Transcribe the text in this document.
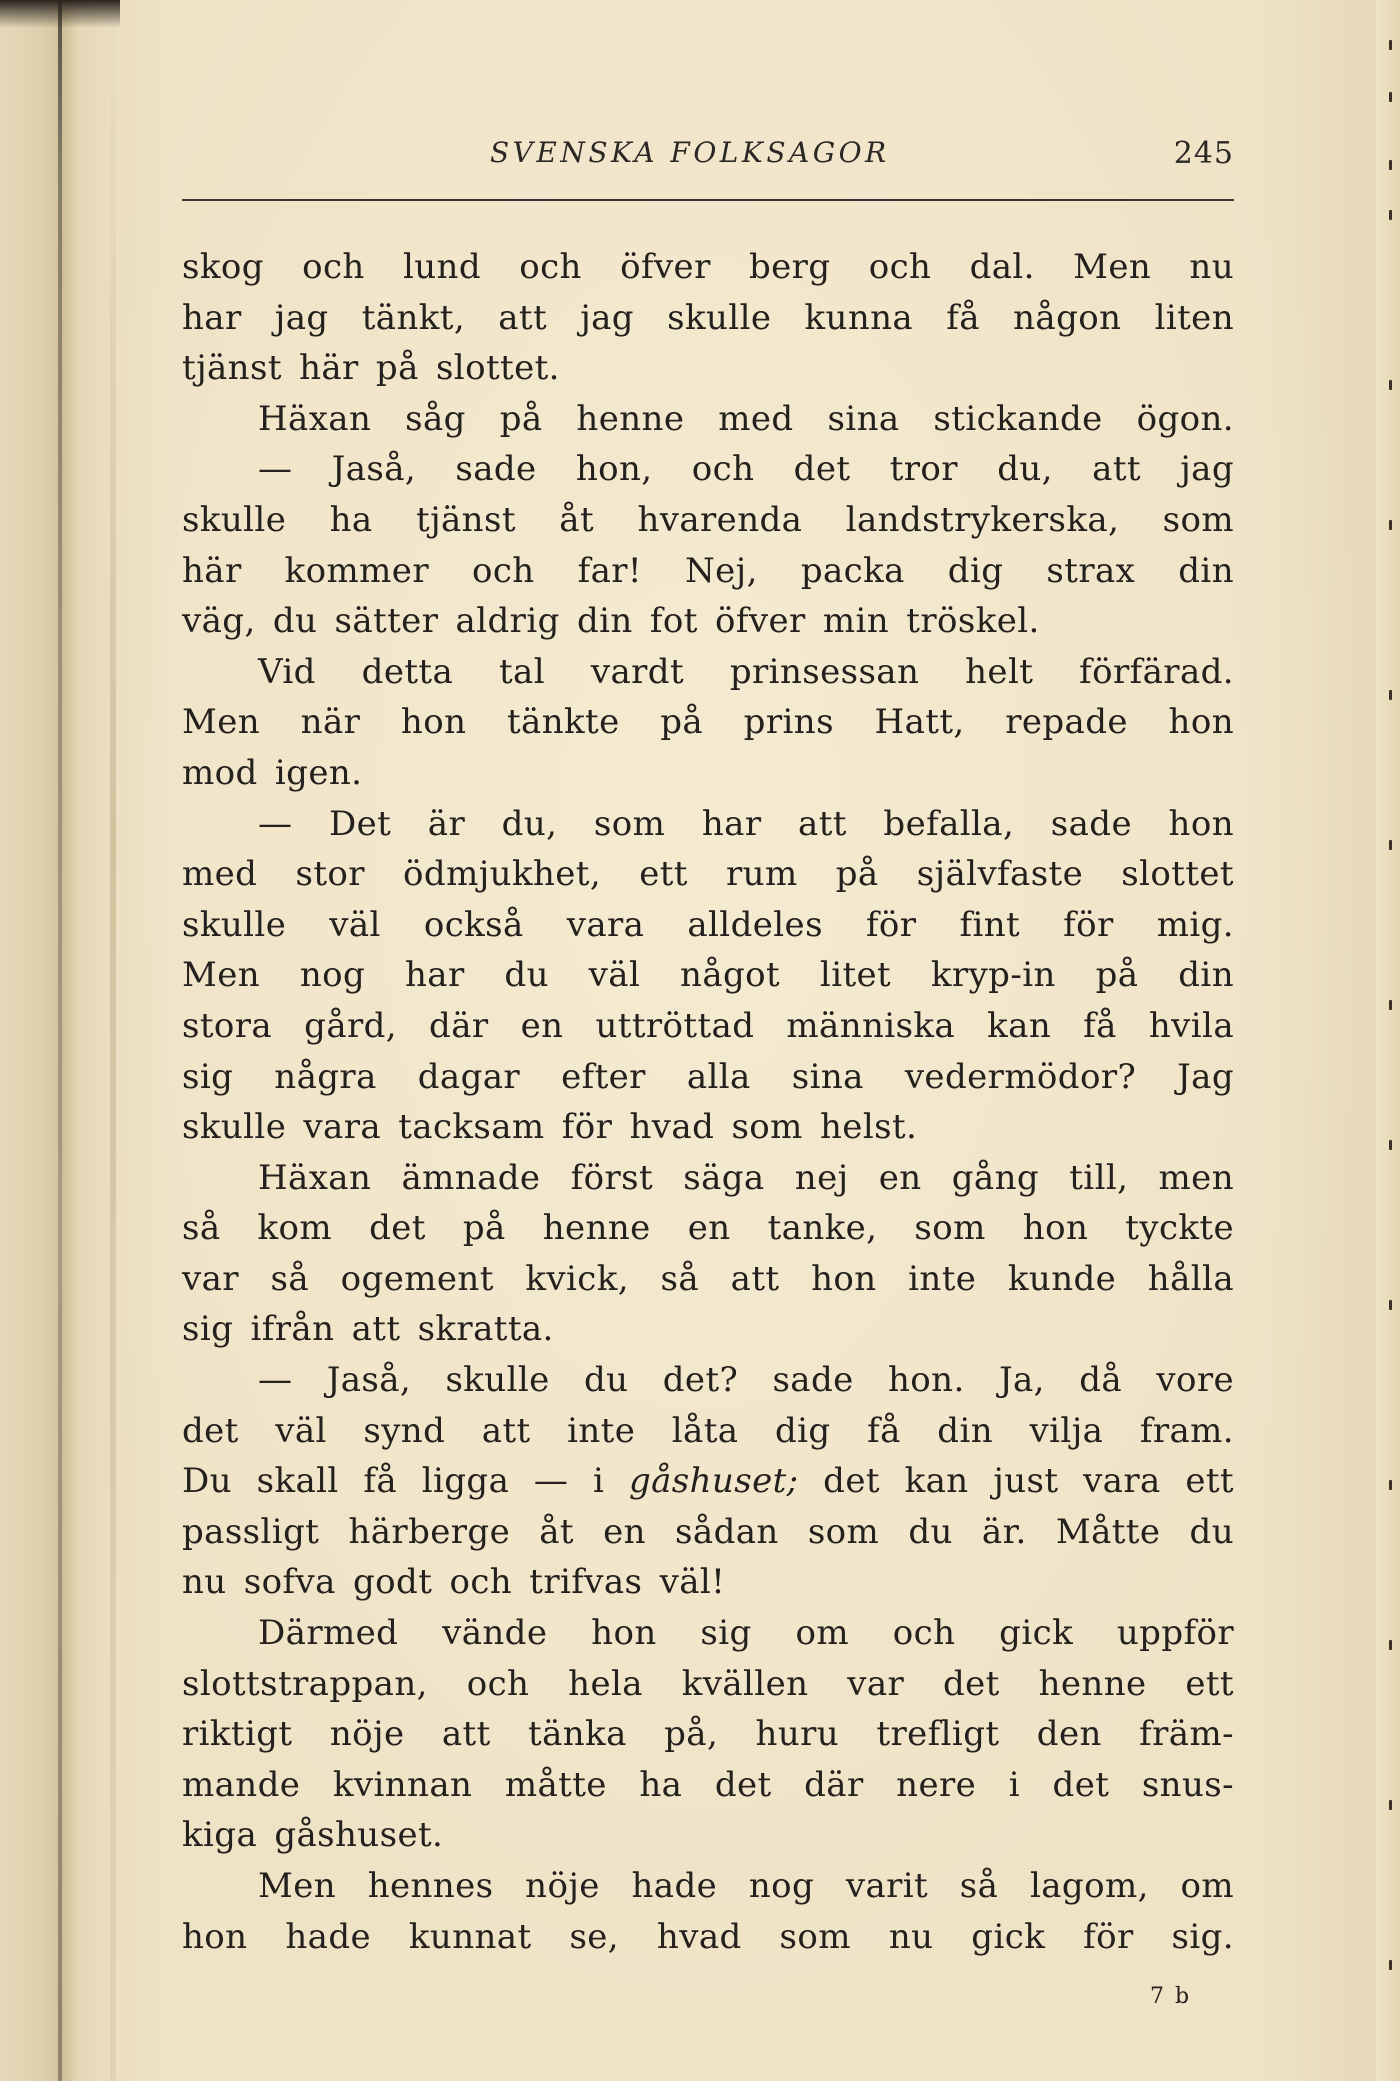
SVENSKA FOLKSAGOR	245
skog och lund och öfver berg och dal. Men nu
har jag tänkt, att jag skulle kunna få någon liten
tjänst här på slottet.
Häxan såg på henne med sina stickande ögon.
— Jaså, sade hon, och det tror du, att jag
skulle ha tjänst åt hvarenda landstrykerska, som
här kommer och far! Nej, packa dig strax din
väg, du sätter aldrig din fot öfver min tröskel.
Vid detta tal vardt prinsessan helt förfärad.
Men när hon tänkte på prins Hatt, repade hon
mod igen.
— Det är du, som har att befalla, sade hon
med stor ödmjukhet, ett rum på självfaste slottet
skulle väl också vara alldeles för fint för mig.
Men nog har du väl något litet kryp-in på din
stora gård, där en uttröttad människa kan få hvila
sig några dagar efter alla sina vedermödor? Jag
skulle vara tacksam för hvad som helst.
Häxan ämnade först säga nej en gång till, men
så kom det på henne en tanke, som hon tyckte
var så ogement kvick, så att hon inte kunde hålla
sig ifrån att skratta.
— Jaså, skulle du det? sade hon. Ja, då vore
det väl synd att inte låta dig få din vilja fram.
Du skall få ligga — i gåshuset; det kan just vara ett
passligt härberge åt en sådan som du är. Måtte du
nu sofva godt och trifvas väl!
Därmed vände hon sig om och gick uppför
slottstrappan, och hela kvällen var det henne ett
riktigt nöje att tänka på, huru trefligt den främ-
mande kvinnan måtte ha det där nere i det snus-
kiga gåshuset.
Men hennes nöje hade nog varit så lagom, om
hon hade kunnat se, hvad som nu gick för sig.
7 b
